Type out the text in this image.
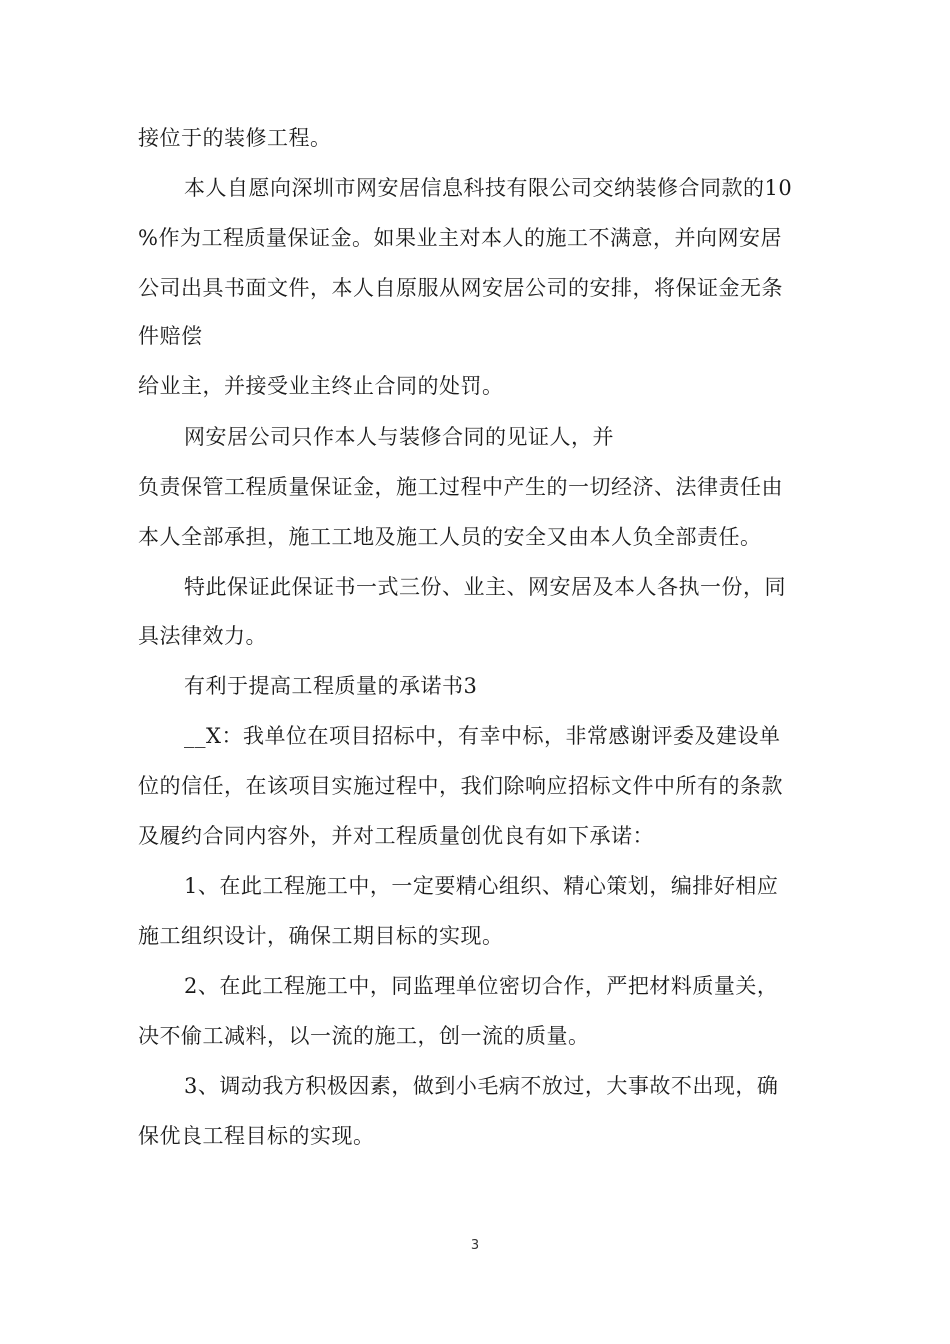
接位于的装修工程。
本人自愿向深圳市网安居信息科技有限公司交纳装修合同款的10
%作为工程质量保证金。如果业主对本人的施工不满意，并向网安居
公司出具书面文件，本人自原服从网安居公司的安排，将保证金无条
件赔偿
给业主，并接受业主终止合同的处罚。
网安居公司只作本人与装修合同的见证人，并
负责保管工程质量保证金，施工过程中产生的一切经济、法律责任由
本人全部承担，施工工地及施工人员的安全又由本人负全部责任。
特此保证此保证书一式三份、业主、网安居及本人各执一份，同
具法律效力。
有利于提高工程质量的承诺书3
__X：我单位在项目招标中，有幸中标，非常感谢评委及建设单
位的信任，在该项目实施过程中，我们除响应招标文件中所有的条款
及履约合同内容外，并对工程质量创优良有如下承诺：
1、在此工程施工中，一定要精心组织、精心策划，编排好相应
施工组织设计，确保工期目标的实现。
2、在此工程施工中，同监理单位密切合作，严把材料质量关，
决不偷工减料，以一流的施工，创一流的质量。
3、调动我方积极因素，做到小毛病不放过，大事故不出现，确
保优良工程目标的实现。
3
